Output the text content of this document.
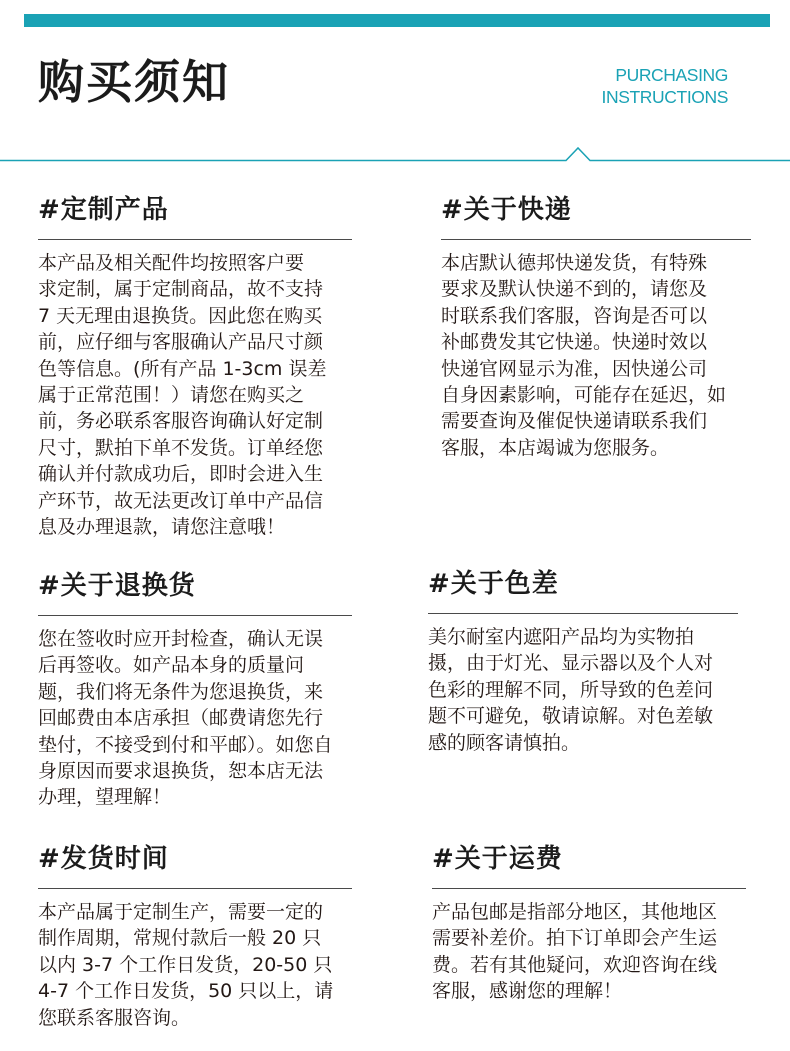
购买须知	PURCHASING
INSTRUCTIONS
#定制产品
本产品及相关配件均按照客户要
求定制，属于定制商品，故不支持
7 天无理由退换货。因此您在购买
前，应仔细与客服确认产品尺寸颜
色等信息。(所有产品 1-3cm 误差
属于正常范围！）请您在购买之
前，务必联系客服咨询确认好定制
尺寸，默拍下单不发货。订单经您
确认并付款成功后，即时会进入生
产环节，故无法更改订单中产品信
息及办理退款，请您注意哦！
#关于快递
本店默认德邦快递发货，有特殊
要求及默认快递不到的，请您及
时联系我们客服，咨询是否可以
补邮费发其它快递。快递时效以
快递官网显示为准，因快递公司
自身因素影响，可能存在延迟，如
需要查询及催促快递请联系我们
客服，本店竭诚为您服务。
#关于退换货
您在签收时应开封检查，确认无误
后再签收。如产品本身的质量问
题，我们将无条件为您退换货，来
回邮费由本店承担（邮费请您先行
垫付，不接受到付和平邮）。如您自
身原因而要求退换货，恕本店无法
办理，望理解！
#关于色差
美尔耐室内遮阳产品均为实物拍
摄，由于灯光、显示器以及个人对
色彩的理解不同，所导致的色差问
题不可避免，敬请谅解。对色差敏
感的顾客请慎拍。
#发货时间
本产品属于定制生产，需要一定的
制作周期，常规付款后一般 20 只
以内 3-7 个工作日发货，20-50 只
4-7 个工作日发货，50 只以上，请
您联系客服咨询。
#关于运费
产品包邮是指部分地区，其他地区
需要补差价。拍下订单即会产生运
费。若有其他疑问，欢迎咨询在线
客服，感谢您的理解！
